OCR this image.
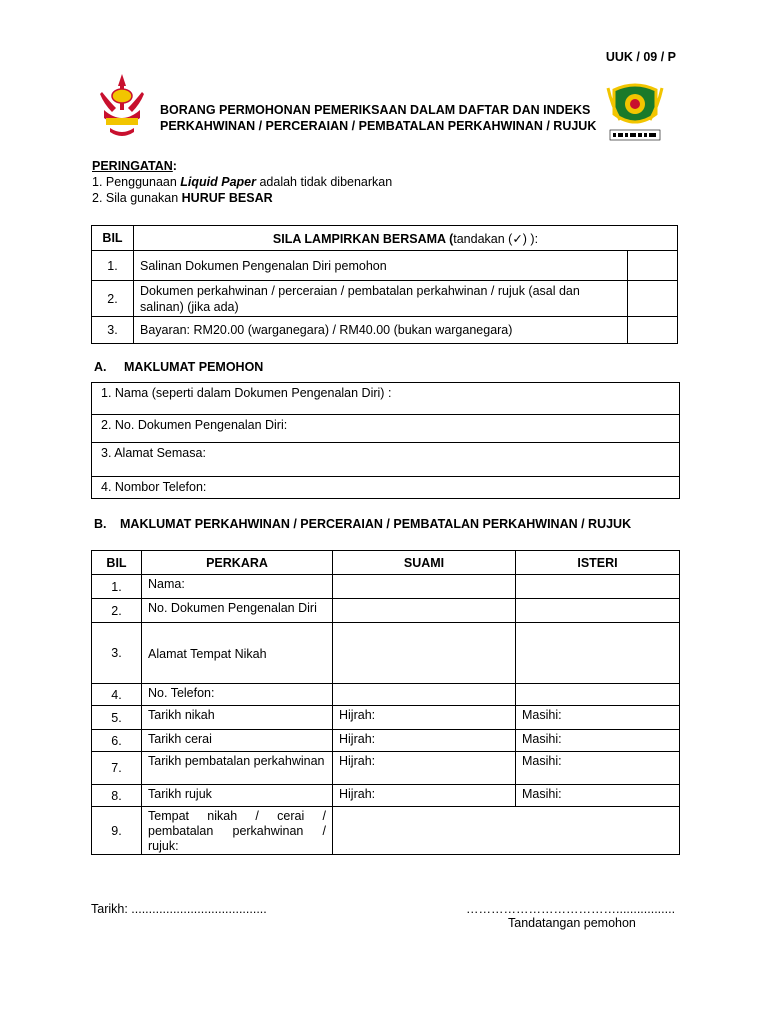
UUK / 09 / P
BORANG PERMOHONAN PEMERIKSAAN DALAM DAFTAR DAN INDEKS
PERKAHWINAN / PERCERAIAN / PEMBATALAN PERKAHWINAN / RUJUK
PERINGATAN:
1. Penggunaan Liquid Paper adalah tidak dibenarkan
2. Sila gunakan HURUF BESAR
BIL	SILA LAMPIRKAN BERSAMA (tandakan (✓) ):	
1.	Salinan Dokumen Pengenalan Diri pemohon	
2.	Dokumen perkahwinan / perceraian / pembatalan perkahwinan / rujuk (asal dan salinan) (jika ada)	
3.	Bayaran: RM20.00 (warganegara) / RM40.00 (bukan warganegara)	
A. MAKLUMAT PEMOHON
1. Nama (seperti dalam Dokumen Pengenalan Diri) :
2. No. Dokumen Pengenalan Diri:
3. Alamat Semasa:
4. Nombor Telefon:
B. MAKLUMAT PERKAHWINAN / PERCERAIAN / PEMBATALAN PERKAHWINAN / RUJUK
BIL	PERKARA	SUAMI	ISTERI
1.	Nama:		
2.	No. Dokumen Pengenalan Diri		
3.	Alamat Tempat Nikah		
4.	No. Telefon:		
5.	Tarikh nikah	Hijrah:	Masihi:
6.	Tarikh cerai	Hijrah:	Masihi:
7.	Tarikh pembatalan perkahwinan	Hijrah:	Masihi:
8.	Tarikh rujuk	Hijrah:	Masihi:
9.	Tempat nikah / cerai / pembatalan perkahwinan / rujuk:		
Tarikh: .......................................	……………………………….................
Tandatangan pemohon
